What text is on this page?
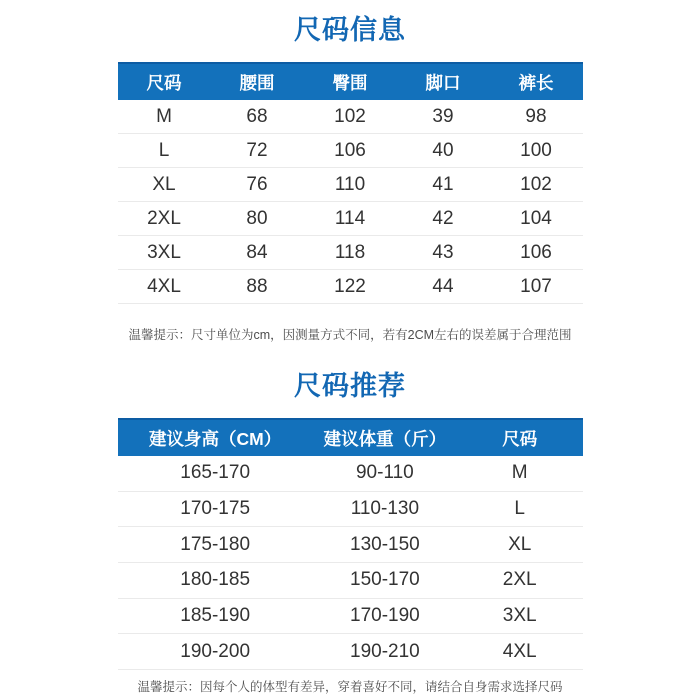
尺码信息
尺码	腰围	臀围	脚口	裤长
M	68	102	39	98
L	72	106	40	100
XL	76	110	41	102
2XL	80	114	42	104
3XL	84	118	43	106
4XL	88	122	44	107

温馨提示：尺寸单位为cm，因测量方式不同，若有2CM左右的误差属于合理范围

尺码推荐
建议身高（CM）	建议体重（斤）	尺码
165-170	90-110	M
170-175	110-130	L
175-180	130-150	XL
180-185	150-170	2XL
185-190	170-190	3XL
190-200	190-210	4XL

温馨提示：因每个人的体型有差异，穿着喜好不同，请结合自身需求选择尺码
